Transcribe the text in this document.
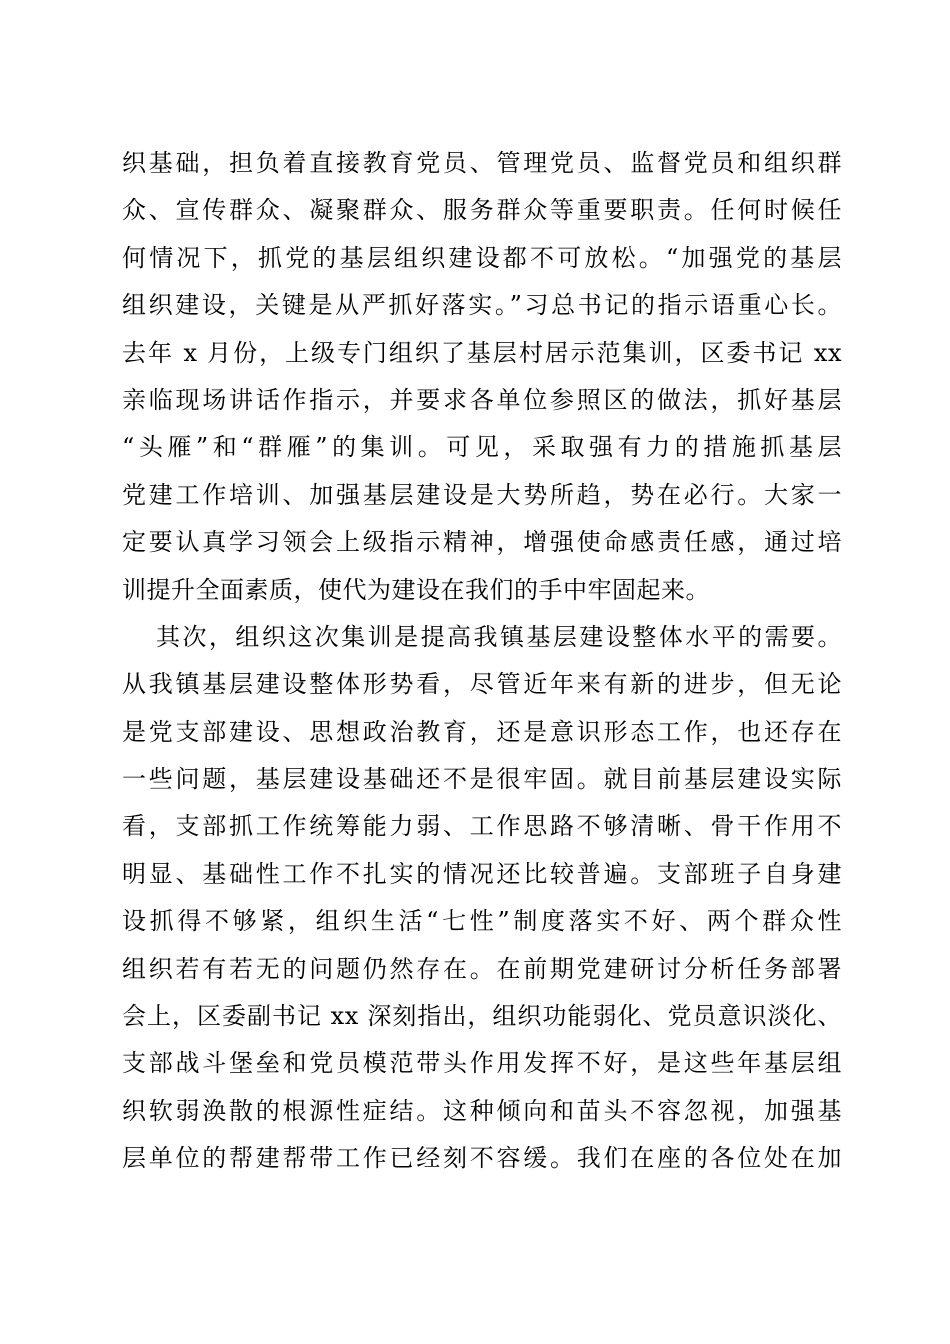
织基础，担负着直接教育党员、管理党员、监督党员和组织群
众、宣传群众、凝聚群众、服务群众等重要职责。任何时候任
何情况下，抓党的基层组织建设都不可放松。“加强党的基层
组织建设，关键是从严抓好落实。”习总书记的指示语重心长。
去年 x 月份，上级专门组织了基层村居示范集训，区委书记 xx
亲临现场讲话作指示，并要求各单位参照区的做法，抓好基层
“头雁”和“群雁”的集训。可见，采取强有力的措施抓基层
党建工作培训、加强基层建设是大势所趋，势在必行。大家一
定要认真学习领会上级指示精神，增强使命感责任感，通过培
训提升全面素质，使代为建设在我们的手中牢固起来。
其次，组织这次集训是提高我镇基层建设整体水平的需要。
从我镇基层建设整体形势看，尽管近年来有新的进步，但无论
是党支部建设、思想政治教育，还是意识形态工作，也还存在
一些问题，基层建设基础还不是很牢固。就目前基层建设实际
看，支部抓工作统筹能力弱、工作思路不够清晰、骨干作用不
明显、基础性工作不扎实的情况还比较普遍。支部班子自身建
设抓得不够紧，组织生活“七性”制度落实不好、两个群众性
组织若有若无的问题仍然存在。在前期党建研讨分析任务部署
会上，区委副书记 xx 深刻指出，组织功能弱化、党员意识淡化、
支部战斗堡垒和党员模范带头作用发挥不好，是这些年基层组
织软弱涣散的根源性症结。这种倾向和苗头不容忽视，加强基
层单位的帮建帮带工作已经刻不容缓。我们在座的各位处在加
